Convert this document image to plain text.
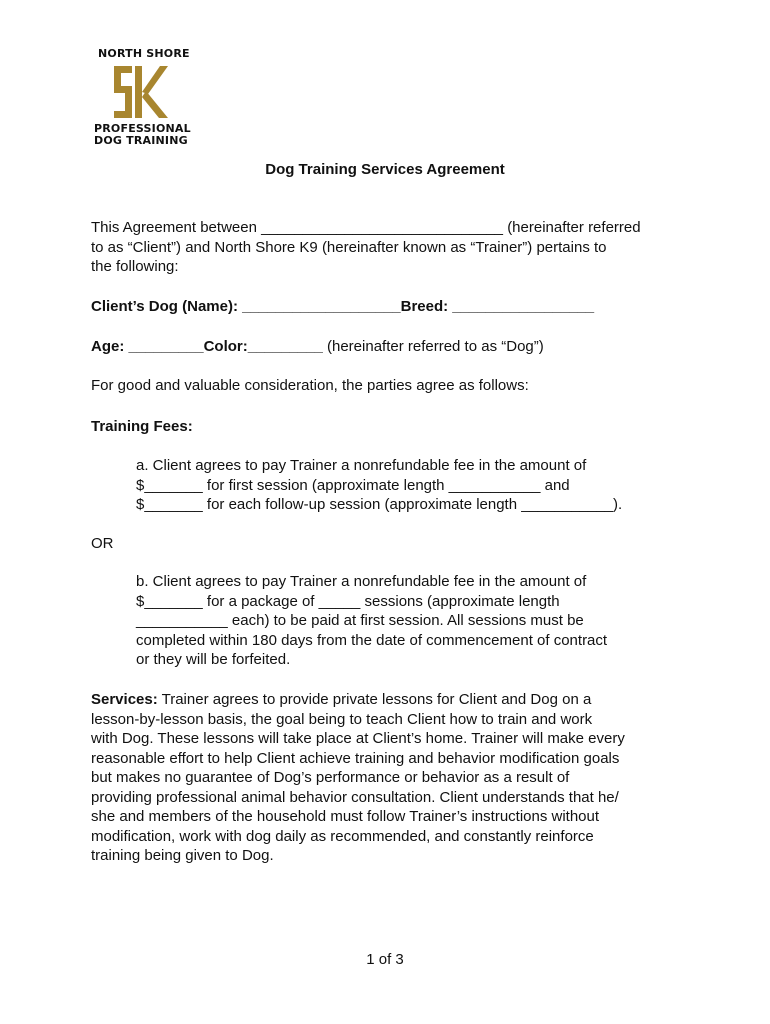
NORTH SHORE
PROFESSIONAL
DOG TRAINING
Dog Training Services Agreement
This Agreement between _____________________________ (hereinafter referred
to as “Client”) and North Shore K9 (hereinafter known as “Trainer”) pertains to
the following:
Client’s Dog (Name): ___________________Breed: _________________
Age: _________Color:_________ (hereinafter referred to as “Dog”)
For good and valuable consideration, the parties agree as follows:
Training Fees:
a. Client agrees to pay Trainer a nonrefundable fee in the amount of
$_______ for first session (approximate length ___________ and
$_______ for each follow-up session (approximate length ___________).
OR
b. Client agrees to pay Trainer a nonrefundable fee in the amount of
$_______ for a package of _____ sessions (approximate length
___________ each) to be paid at first session. All sessions must be
completed within 180 days from the date of commencement of contract
or they will be forfeited.
Services: Trainer agrees to provide private lessons for Client and Dog on a
lesson-by-lesson basis, the goal being to teach Client how to train and work
with Dog. These lessons will take place at Client’s home. Trainer will make every
reasonable effort to help Client achieve training and behavior modification goals
but makes no guarantee of Dog’s performance or behavior as a result of
providing professional animal behavior consultation. Client understands that he/
she and members of the household must follow Trainer’s instructions without
modification, work with dog daily as recommended, and constantly reinforce
training being given to Dog.
1 of 3
